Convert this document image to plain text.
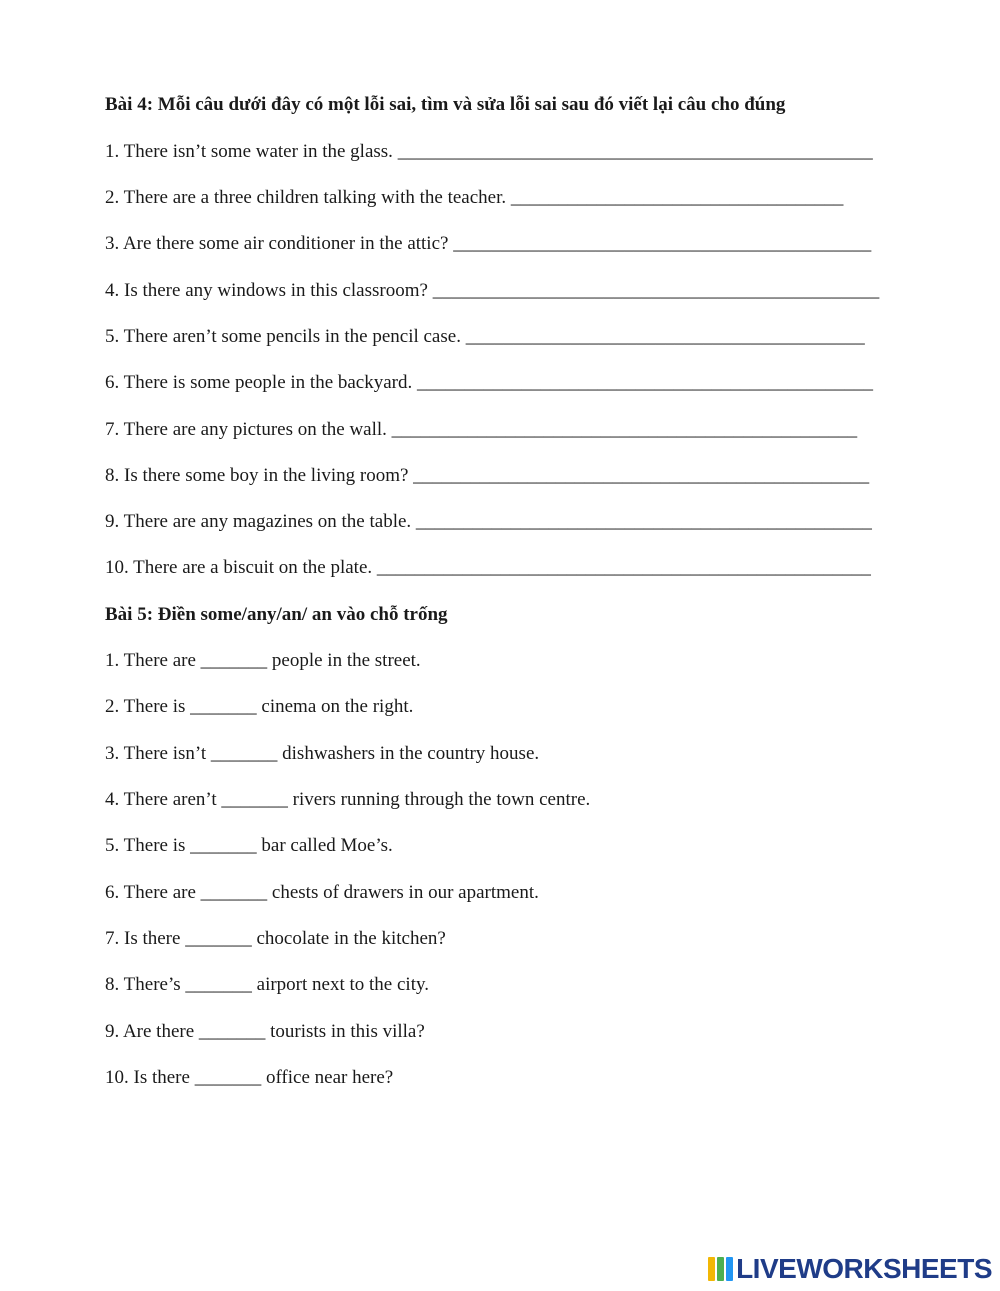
Bài 4: Mỗi câu dưới đây có một lỗi sai, tìm và sửa lỗi sai sau đó viết lại câu cho đúng
1. There isn’t some water in the glass. __________________________________________________
2. There are a three children talking with the teacher. ___________________________________
3. Are there some air conditioner in the attic? ____________________________________________
4. Is there any windows in this classroom? _______________________________________________
5. There aren’t some pencils in the pencil case. __________________________________________
6. There is some people in the backyard. ________________________________________________
7. There are any pictures on the wall. _________________________________________________
8. Is there some boy in the living room? ________________________________________________
9. There are any magazines on the table. ________________________________________________
10. There are a biscuit on the plate. ____________________________________________________
Bài 5: Điền some/any/an/ an vào chỗ trống
1. There are _______ people in the street.
2. There is _______ cinema on the right.
3. There isn’t _______ dishwashers in the country house.
4. There aren’t _______ rivers running through the town centre.
5. There is _______ bar called Moe’s.
6. There are _______ chests of drawers in our apartment.
7. Is there _______ chocolate in the kitchen?
8. There’s _______ airport next to the city.
9. Are there _______ tourists in this villa?
10. Is there _______ office near here?
LIVEWORKSHEETS
